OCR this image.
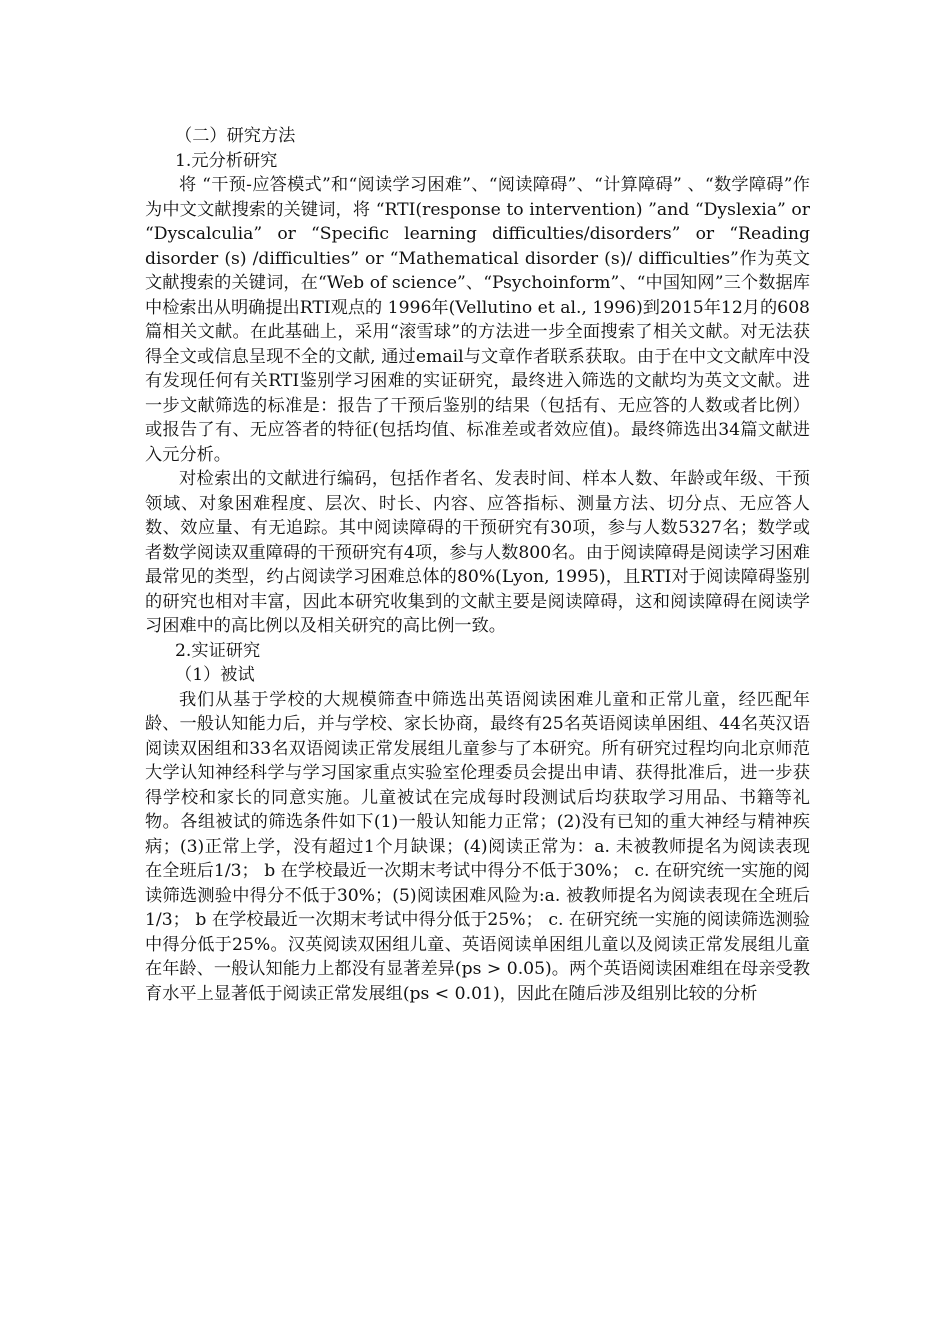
（二）研究方法
1.元分析研究
将 “干预-应答模式”和“阅读学习困难”、“阅读障碍”、“计算障碍” 、“数学障碍”作为中文文献搜索的关键词，将 “RTI(response to intervention) ”and “Dyslexia” or “Dyscalculia” or “Specific learning difficulties/disorders” or “Reading disorder (s) /difficulties” or “Mathematical disorder (s)/ difficulties”作为英文文献搜索的关键词，在“Web of science”、“Psychoinform”、“中国知网”三个数据库中检索出从明确提出RTI观点的 1996年(Vellutino et al., 1996)到2015年12月的608篇相关文献。在此基础上，采用“滚雪球”的方法进一步全面搜索了相关文献。对无法获得全文或信息呈现不全的文献, 通过email与文章作者联系获取。由于在中文文献库中没有发现任何有关RTI鉴别学习困难的实证研究，最终进入筛选的文献均为英文文献。进一步文献筛选的标准是：报告了干预后鉴别的结果（包括有、无应答的人数或者比例）或报告了有、无应答者的特征(包括均值、标准差或者效应值)。最终筛选出34篇文献进入元分析。
对检索出的文献进行编码，包括作者名、发表时间、样本人数、年龄或年级、干预领域、对象困难程度、层次、时长、内容、应答指标、测量方法、切分点、无应答人数、效应量、有无追踪。其中阅读障碍的干预研究有30项，参与人数5327名；数学或者数学阅读双重障碍的干预研究有4项，参与人数800名。由于阅读障碍是阅读学习困难最常见的类型，约占阅读学习困难总体的80%(Lyon, 1995)，且RTI对于阅读障碍鉴别的研究也相对丰富，因此本研究收集到的文献主要是阅读障碍，这和阅读障碍在阅读学习困难中的高比例以及相关研究的高比例一致。
2.实证研究
（1）被试
我们从基于学校的大规模筛查中筛选出英语阅读困难儿童和正常儿童，经匹配年龄、一般认知能力后，并与学校、家长协商，最终有25名英语阅读单困组、44名英汉语阅读双困组和33名双语阅读正常发展组儿童参与了本研究。所有研究过程均向北京师范大学认知神经科学与学习国家重点实验室伦理委员会提出申请、获得批准后，进一步获得学校和家长的同意实施。儿童被试在完成每时段测试后均获取学习用品、书籍等礼物。各组被试的筛选条件如下(1)一般认知能力正常；(2)没有已知的重大神经与精神疾病；(3)正常上学，没有超过1个月缺课；(4)阅读正常为：a. 未被教师提名为阅读表现在全班后1/3； b 在学校最近一次期末考试中得分不低于30%； c. 在研究统一实施的阅读筛选测验中得分不低于30%；(5)阅读困难风险为:a. 被教师提名为阅读表现在全班后1/3； b 在学校最近一次期末考试中得分低于25%； c. 在研究统一实施的阅读筛选测验中得分低于25%。汉英阅读双困组儿童、英语阅读单困组儿童以及阅读正常发展组儿童在年龄、一般认知能力上都没有显著差异(ps > 0.05)。两个英语阅读困难组在母亲受教育水平上显著低于阅读正常发展组(ps < 0.01)，因此在随后涉及组别比较的分析
